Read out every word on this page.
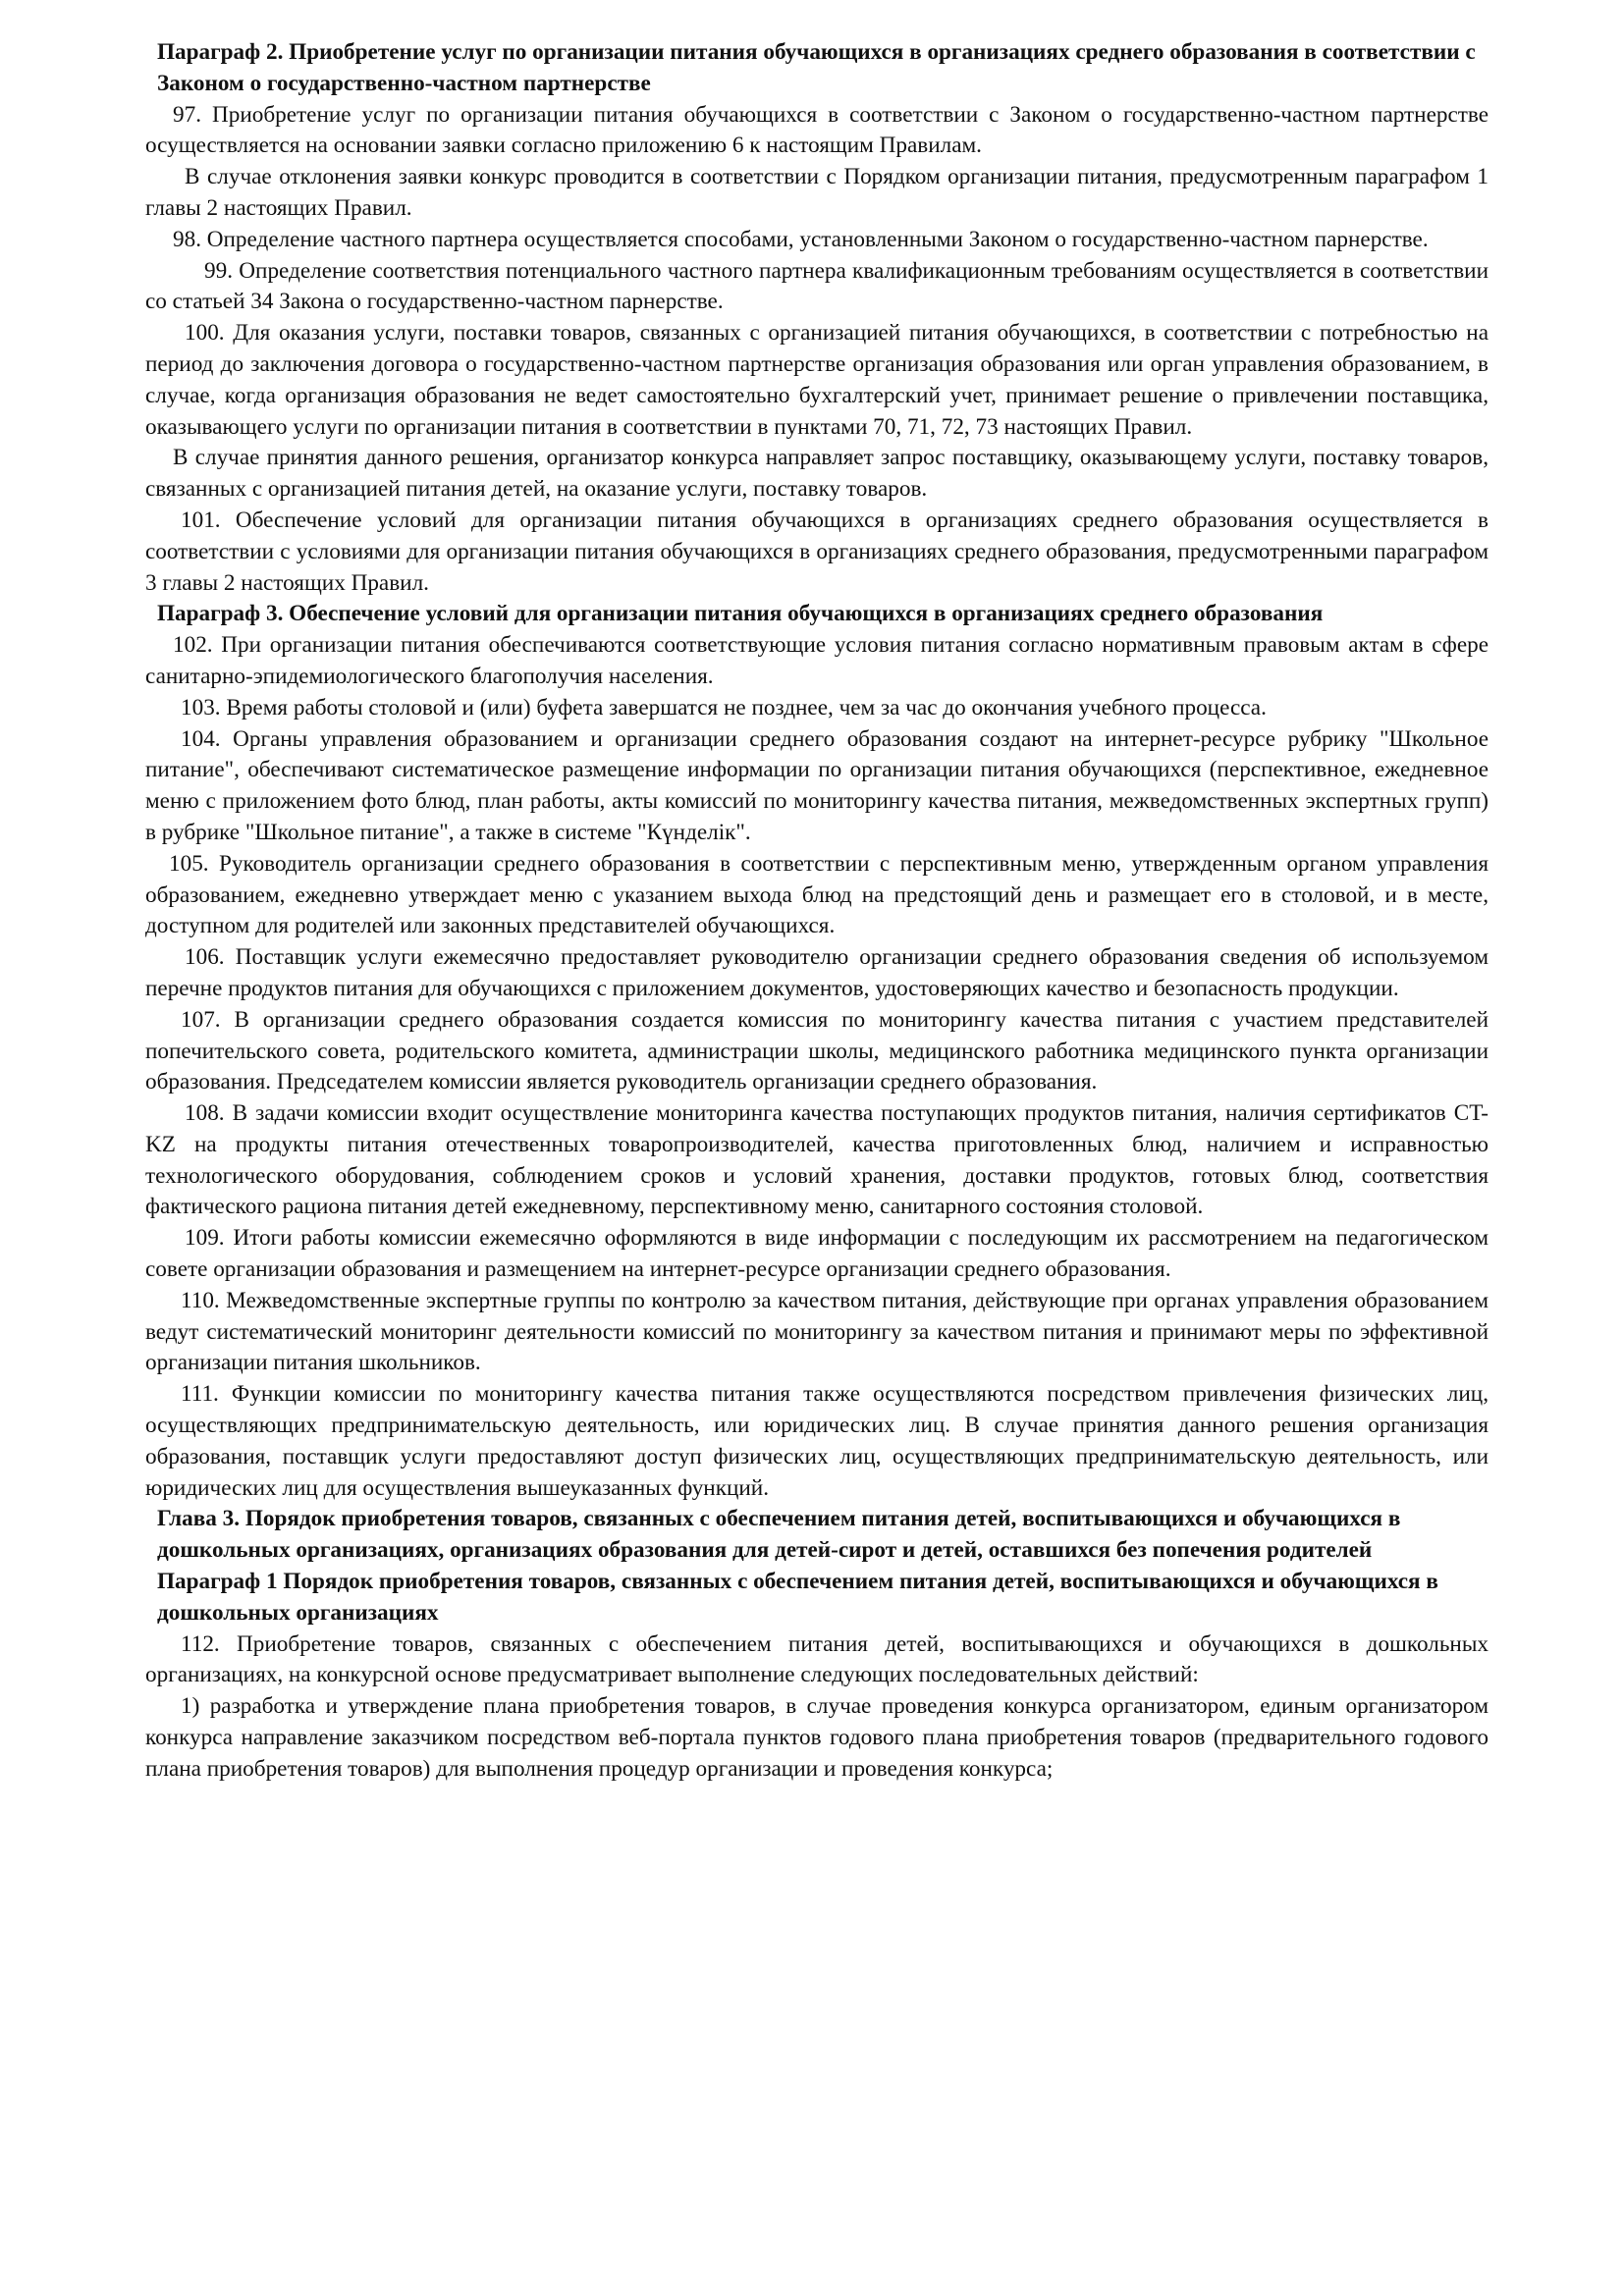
Параграф 2. Приобретение услуг по организации питания обучающихся в организациях среднего образования в соответствии с Законом о государственно-частном партнерстве

97. Приобретение услуг по организации питания обучающихся в соответствии с Законом о государственно-частном партнерстве осуществляется на основании заявки согласно приложению 6 к настоящим Правилам.

В случае отклонения заявки конкурс проводится в соответствии с Порядком организации питания, предусмотренным параграфом 1 главы 2 настоящих Правил.

98. Определение частного партнера осуществляется способами, установленными Законом о государственно-частном парнерстве.

99. Определение соответствия потенциального частного партнера квалификационным требованиям осуществляется в соответствии со статьей 34 Закона о государственно-частном парнерстве.

100. Для оказания услуги, поставки товаров, связанных с организацией питания обучающихся, в соответствии с потребностью на период до заключения договора о государственно-частном партнерстве организация образования или орган управления образованием, в случае, когда организация образования не ведет самостоятельно бухгалтерский учет, принимает решение о привлечении поставщика, оказывающего услуги по организации питания в соответствии в пунктами 70, 71, 72, 73 настоящих Правил.

В случае принятия данного решения, организатор конкурса направляет запрос поставщику, оказывающему услуги, поставку товаров, связанных с организацией питания детей, на оказание услуги, поставку товаров.

101. Обеспечение условий для организации питания обучающихся в организациях среднего образования осуществляется в соответствии с условиями для организации питания обучающихся в организациях среднего образования, предусмотренными параграфом 3 главы 2 настоящих Правил.

Параграф 3. Обеспечение условий для организации питания обучающихся в организациях среднего образования

102. При организации питания обеспечиваются соответствующие условия питания согласно нормативным правовым актам в сфере санитарно-эпидемиологического благополучия населения.

103. Время работы столовой и (или) буфета завершатся не позднее, чем за час до окончания учебного процесса.

104. Органы управления образованием и организации среднего образования создают на интернет-ресурсе рубрику "Школьное питание", обеспечивают систематическое размещение информации по организации питания обучающихся (перспективное, ежедневное меню с приложением фото блюд, план работы, акты комиссий по мониторингу качества питания, межведомственных экспертных групп) в рубрике "Школьное питание", а также в системе "Күнделік".

105. Руководитель организации среднего образования в соответствии с перспективным меню, утвержденным органом управления образованием, ежедневно утверждает меню с указанием выхода блюд на предстоящий день и размещает его в столовой, и в месте, доступном для родителей или законных представителей обучающихся.

106. Поставщик услуги ежемесячно предоставляет руководителю организации среднего образования сведения об используемом перечне продуктов питания для обучающихся с приложением документов, удостоверяющих качество и безопасность продукции.

107. В организации среднего образования создается комиссия по мониторингу качества питания с участием представителей попечительского совета, родительского комитета, администрации школы, медицинского работника медицинского пункта организации образования. Председателем комиссии является руководитель организации среднего образования.

108. В задачи комиссии входит осуществление мониторинга качества поступающих продуктов питания, наличия сертификатов CT-KZ на продукты питания отечественных товаропроизводителей, качества приготовленных блюд, наличием и исправностью технологического оборудования, соблюдением сроков и условий хранения, доставки продуктов, готовых блюд, соответствия фактического рациона питания детей ежедневному, перспективному меню, санитарного состояния столовой.

109. Итоги работы комиссии ежемесячно оформляются в виде информации с последующим их рассмотрением на педагогическом совете организации образования и размещением на интернет-ресурсе организации среднего образования.

110. Межведомственные экспертные группы по контролю за качеством питания, действующие при органах управления образованием ведут систематический мониторинг деятельности комиссий по мониторингу за качеством питания и принимают меры по эффективной организации питания школьников.

111. Функции комиссии по мониторингу качества питания также осуществляются посредством привлечения физических лиц, осуществляющих предпринимательскую деятельность, или юридических лиц. В случае принятия данного решения организация образования, поставщик услуги предоставляют доступ физических лиц, осуществляющих предпринимательскую деятельность, или юридических лиц для осуществления вышеуказанных функций.

Глава 3. Порядок приобретения товаров, связанных с обеспечением питания детей, воспитывающихся и обучающихся в дошкольных организациях, организациях образования для детей-сирот и детей, оставшихся без попечения родителей

Параграф 1 Порядок приобретения товаров, связанных с обеспечением питания детей, воспитывающихся и обучающихся в дошкольных организациях

112. Приобретение товаров, связанных с обеспечением питания детей, воспитывающихся и обучающихся в дошкольных организациях, на конкурсной основе предусматривает выполнение следующих последовательных действий:

1) разработка и утверждение плана приобретения товаров, в случае проведения конкурса организатором, единым организатором конкурса направление заказчиком посредством веб-портала пунктов годового плана приобретения товаров (предварительного годового плана приобретения товаров) для выполнения процедур организации и проведения конкурса;
